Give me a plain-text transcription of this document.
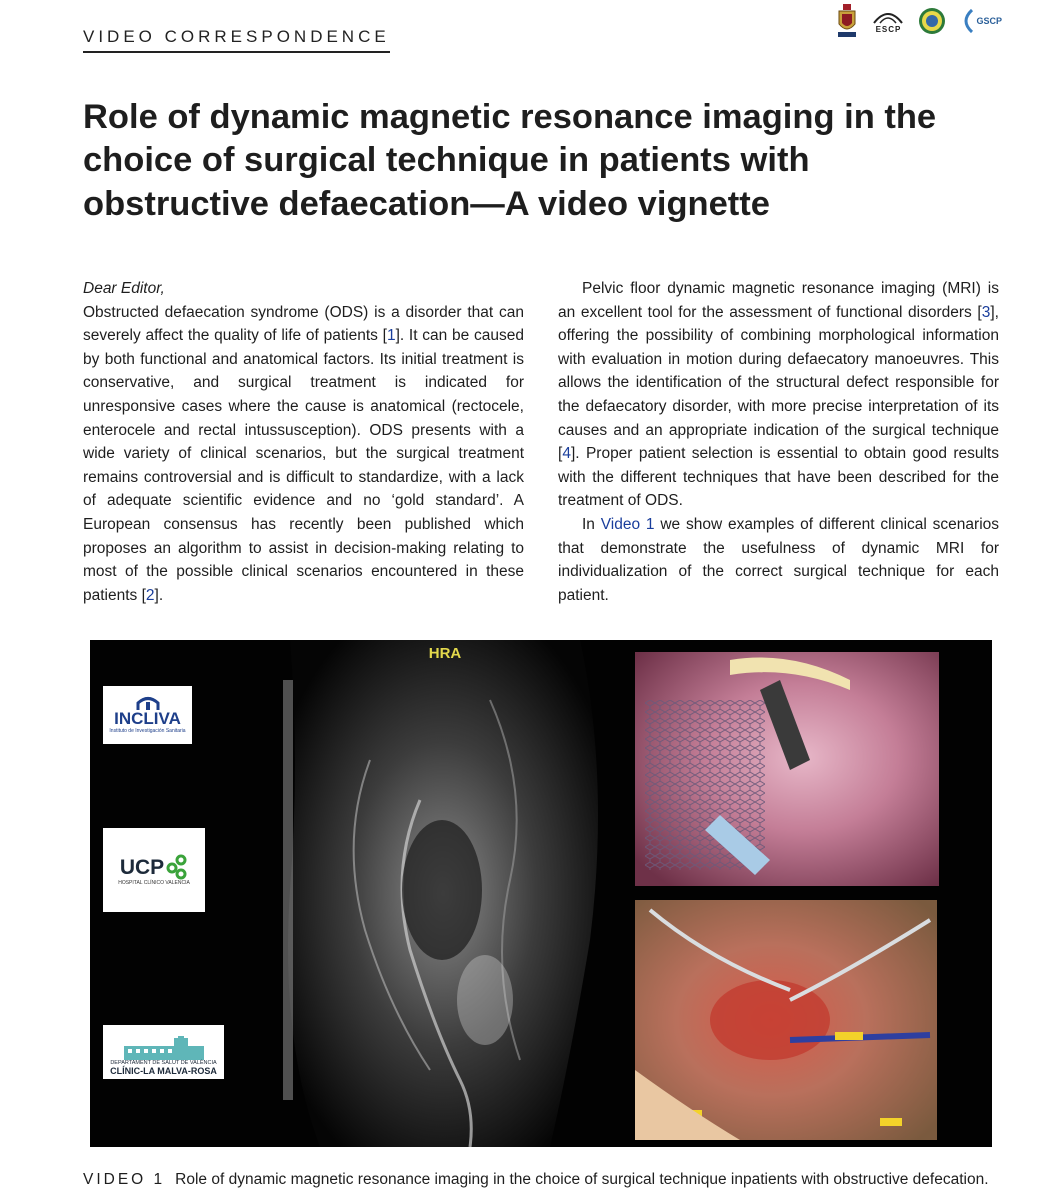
VIDEO CORRESPONDENCE	ESCP
GSCP
Role of dynamic magnetic resonance imaging in the choice of surgical technique in patients with obstructive defaecation—A video vignette

Dear Editor,

Obstructed defaecation syndrome (ODS) is a disorder that can severely affect the quality of life of patients [1]. It can be caused by both functional and anatomical factors. Its initial treatment is conservative, and surgical treatment is indicated for unresponsive cases where the cause is anatomical (rectocele, enterocele and rectal intussusception). ODS presents with a wide variety of clinical scenarios, but the surgical treatment remains controversial and is difficult to standardize, with a lack of adequate scientific evidence and no ‘gold standard’. A European consensus has recently been published which proposes an algorithm to assist in decision-making relating to most of the possible clinical scenarios encountered in these patients [2].

Pelvic floor dynamic magnetic resonance imaging (MRI) is an excellent tool for the assessment of functional disorders [3], offering the possibility of combining morphological information with evaluation in motion during defaecatory manoeuvres. This allows the identification of the structural defect responsible for the defaecatory disorder, with more precise interpretation of its causes and an appropriate indication of the surgical technique [4]. Proper patient selection is essential to obtain good results with the different techniques that have been described for the treatment of ODS.

In Video 1 we show examples of different clinical scenarios that demonstrate the usefulness of dynamic MRI for individualization of the correct surgical technique for each patient.

HRA
INCLIVA
Instituto de Investigación Sanitaria
UCP
HOSPITAL CLÍNICO VALENCIA
DEPARTAMENT DE SALUT DE VALÈNCIA
CLÍNIC-LA MALVA-ROSA
VIDEO 1 Role of dynamic magnetic resonance imaging in the choice of surgical technique inpatients with obstructive defecation.
